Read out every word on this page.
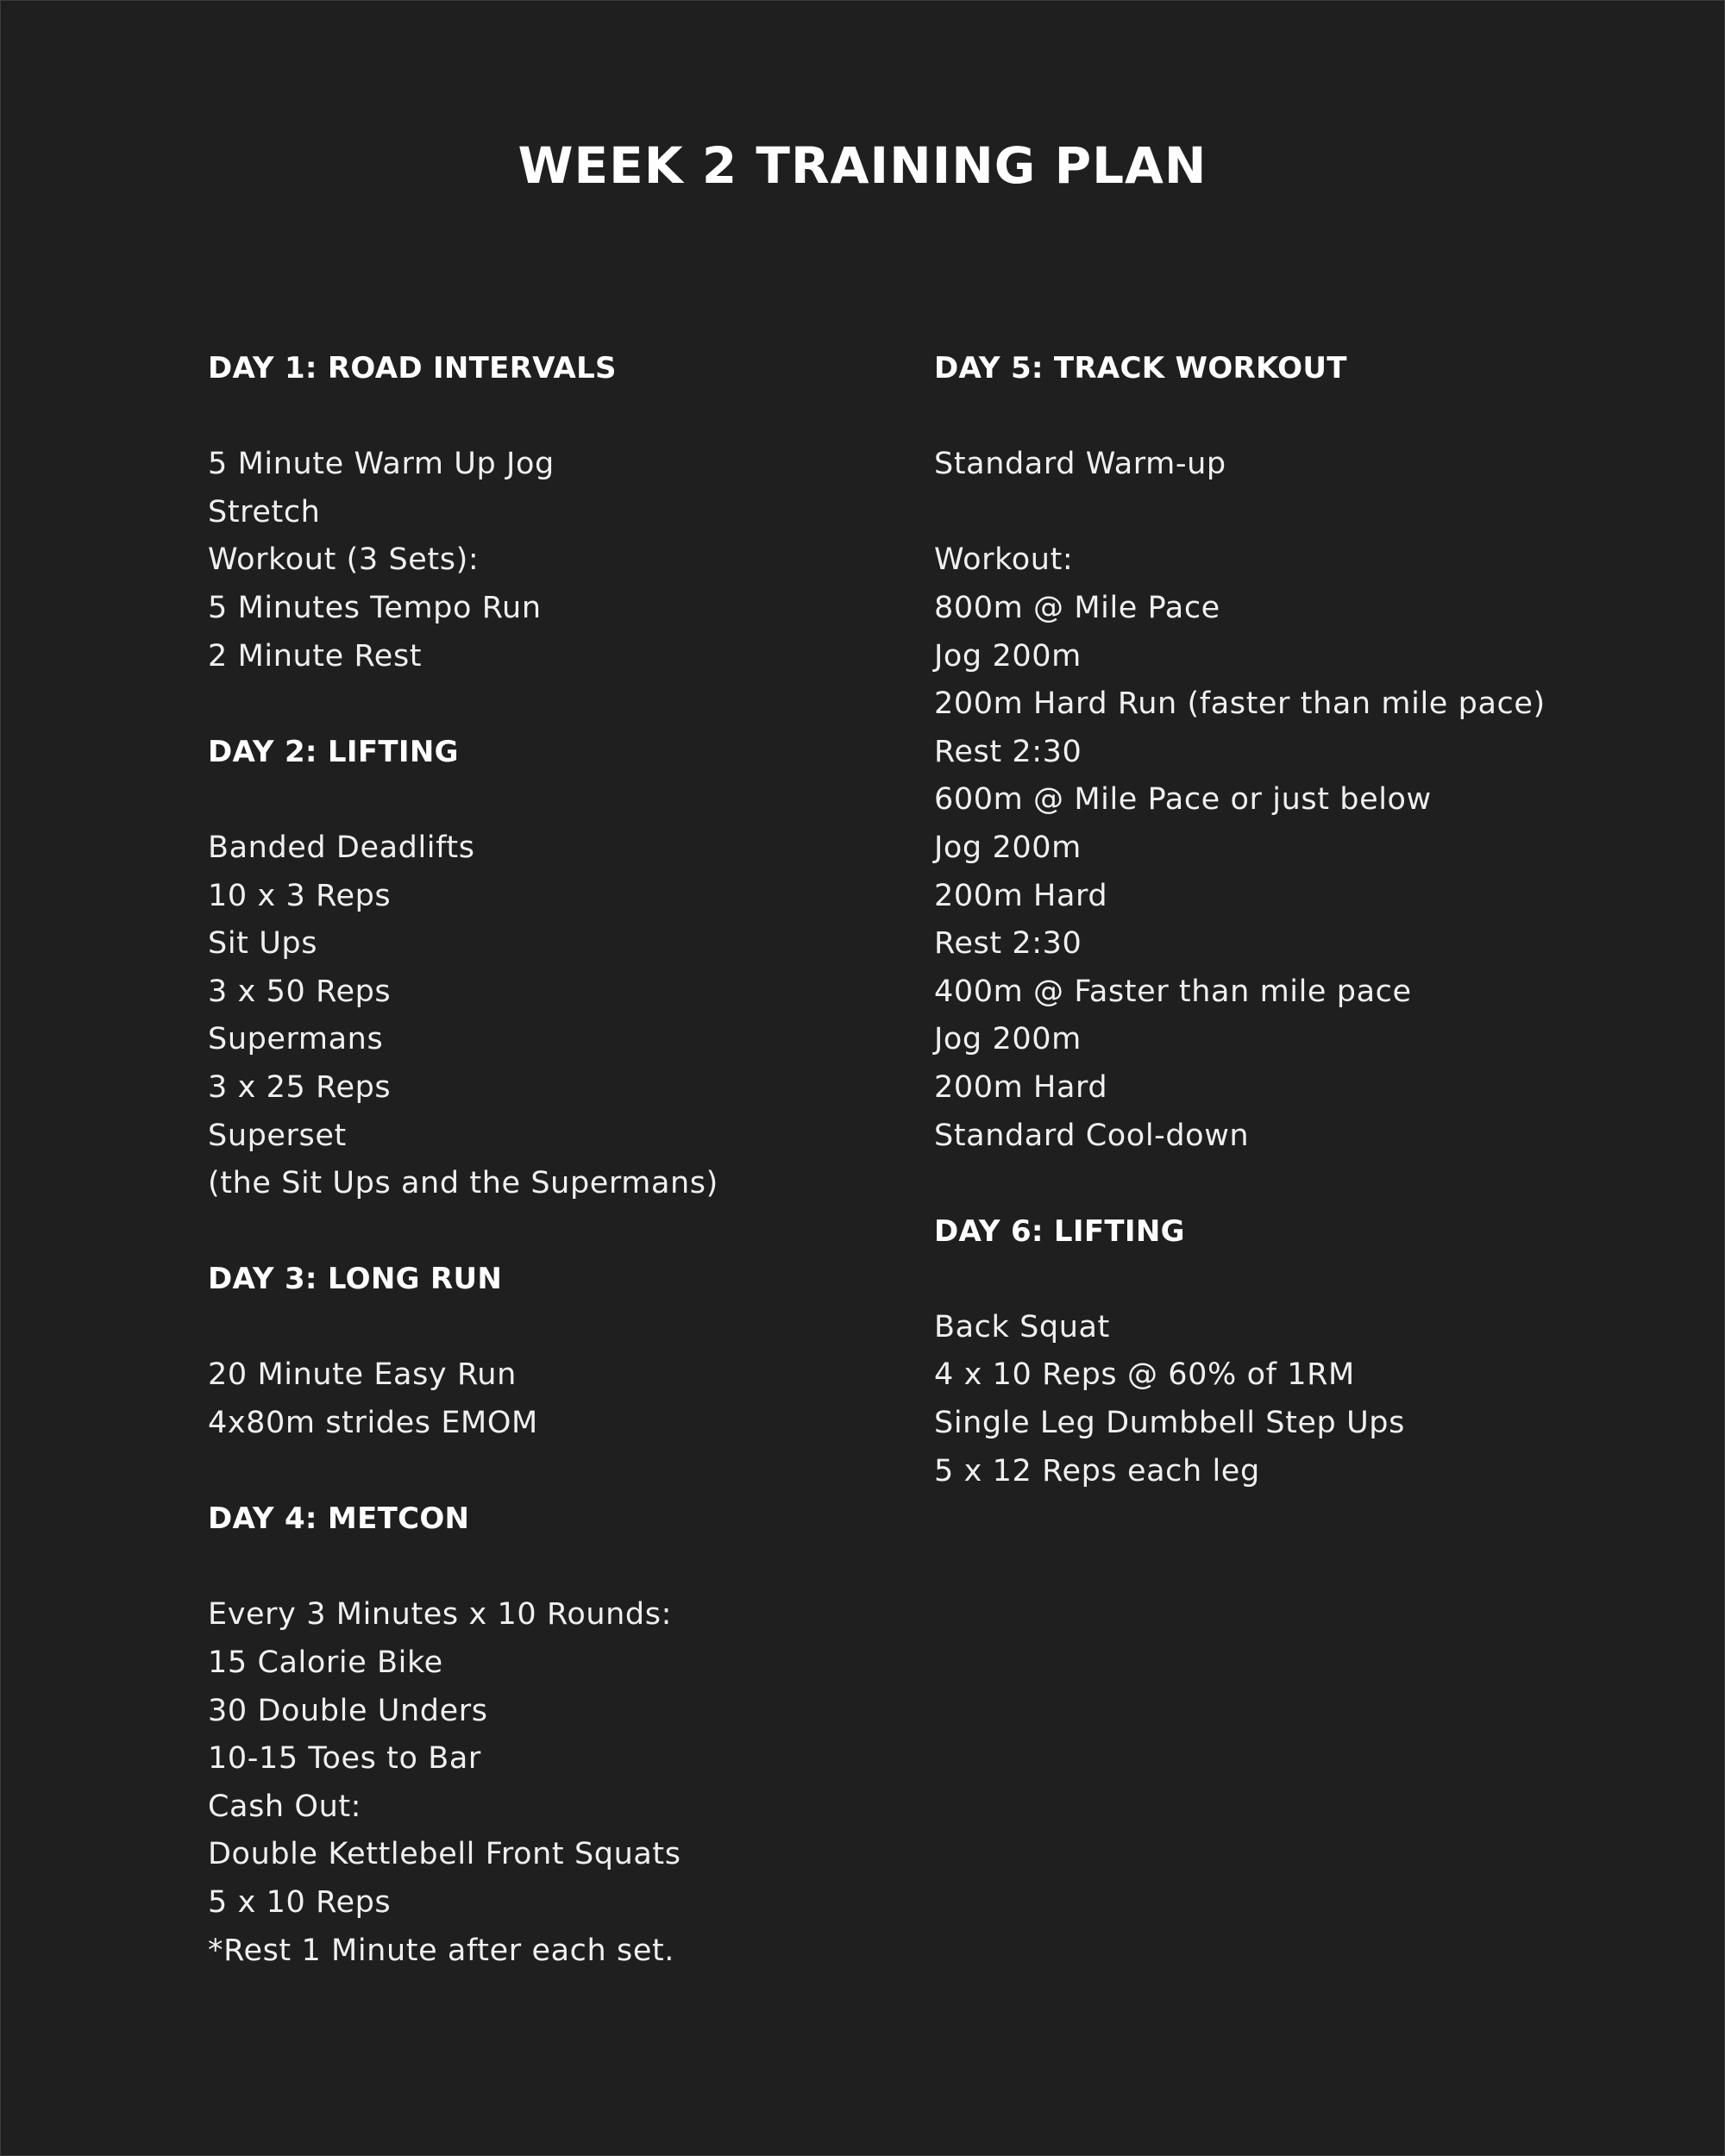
WEEK 2 TRAINING PLAN
DAY 1: ROAD INTERVALS
5 Minute Warm Up Jog
Stretch
Workout (3 Sets):
5 Minutes Tempo Run
2 Minute Rest
DAY 2: LIFTING
Banded Deadlifts
10 x 3 Reps
Sit Ups
3 x 50 Reps
Supermans
3 x 25 Reps
Superset
(the Sit Ups and the Supermans)
DAY 3: LONG RUN
20 Minute Easy Run
4x80m strides EMOM
DAY 4: METCON
Every 3 Minutes x 10 Rounds:
15 Calorie Bike
30 Double Unders
10-15 Toes to Bar
Cash Out:
Double Kettlebell Front Squats
5 x 10 Reps
*Rest 1 Minute after each set.
DAY 5: TRACK WORKOUT
Standard Warm-up
Workout:
800m @ Mile Pace
Jog 200m
200m Hard Run (faster than mile pace)
Rest 2:30
600m @ Mile Pace or just below
Jog 200m
200m Hard
Rest 2:30
400m @ Faster than mile pace
Jog 200m
200m Hard
Standard Cool-down
DAY 6: LIFTING
Back Squat
4 x 10 Reps @ 60% of 1RM
Single Leg Dumbbell Step Ups
5 x 12 Reps each leg
